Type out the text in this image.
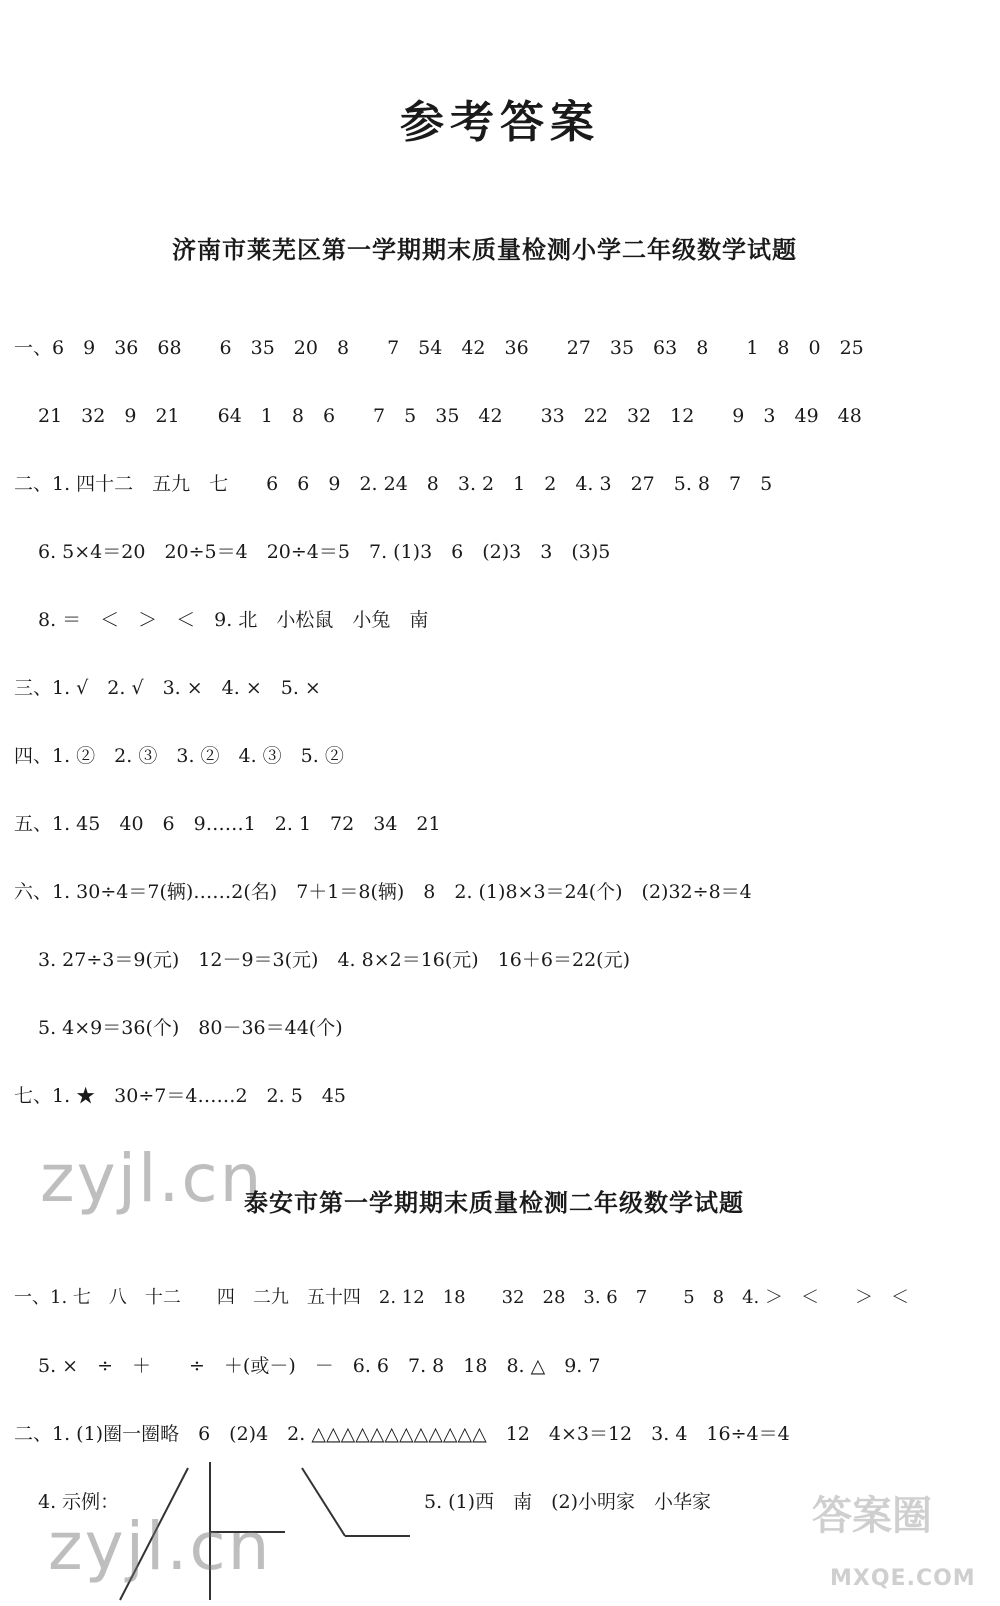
参考答案
济南市莱芜区第一学期期末质量检测小学二年级数学试题
一、6　9　36　68　　6　35　20　8　　7　54　42　36　　27　35　63　8　　1　8　0　25
21　32　9　21　　64　1　8　6　　7　5　35　42　　33　22　32　12　　9　3　49　48
二、1. 四十二　五九　七　　6　6　9　2. 24　8　3. 2　1　2　4. 3　27　5. 8　7　5
6. 5×4＝20　20÷5＝4　20÷4＝5　7. (1)3　6　(2)3　3　(3)5
8. ＝　＜　＞　＜　9. 北　小松鼠　小兔　南
三、1. √　2. √　3. ×　4. ×　5. ×
四、1. ②　2. ③　3. ②　4. ③　5. ②
五、1. 45　40　6　9……1　2. 1　72　34　21
六、1. 30÷4＝7(辆)……2(名)　7＋1＝8(辆)　8　2. (1)8×3＝24(个)　(2)32÷8＝4
3. 27÷3＝9(元)　12－9＝3(元)　4. 8×2＝16(元)　16＋6＝22(元)
5. 4×9＝36(个)　80－36＝44(个)
七、1. ★　30÷7＝4……2　2. 5　45
zyjl.cn
泰安市第一学期期末质量检测二年级数学试题
一、1. 七　八　十二　　四　二九　五十四　2. 12　18　　32　28　3. 6　7　　5　8　4. ＞　＜　　＞　＜
5. ×　÷　＋　　÷　＋(或－)　－　6. 6　7. 8　18　8. △　9. 7
二、1. (1)圈一圈略　6　(2)4　2. △△△△△△△△△△△△　12　4×3＝12　3. 4　16÷4＝4
4. 示例：	5. (1)西　南　(2)小明家　小华家
zyjl.cn	答案圈
MXQE.COM
